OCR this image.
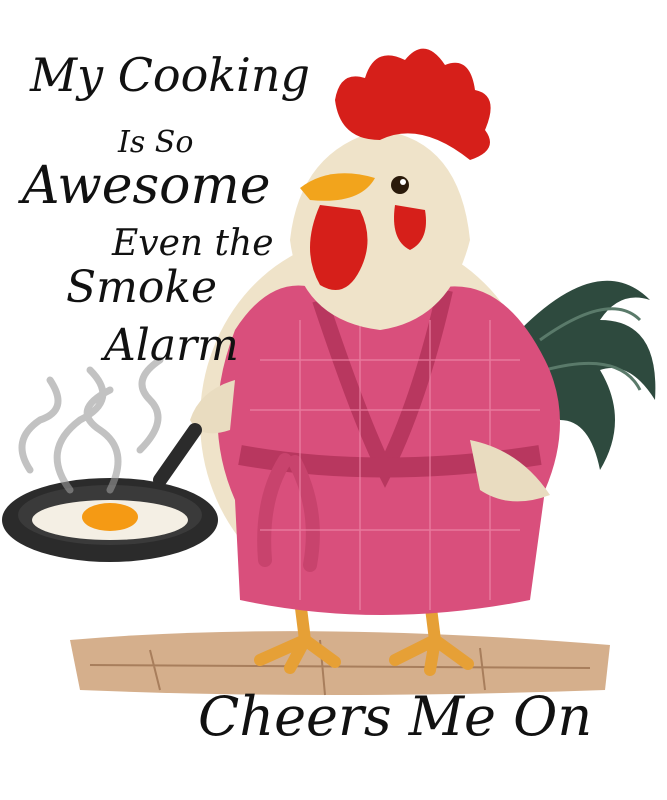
My Cooking
Is So
Awesome
Even the
Smoke
Alarm
Cheers Me On
